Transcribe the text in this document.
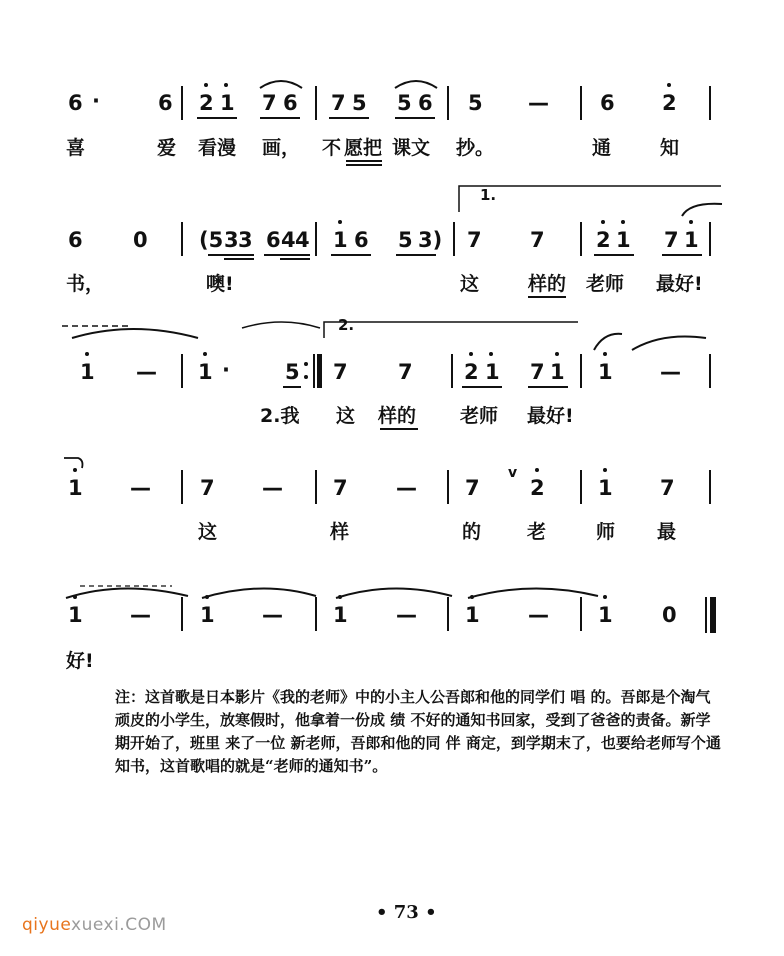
6 ·	6 2 1 7 6 7 5 5 6 5 — 6 2
喜	爱 看漫 画， 不 愿把 课文 抄。	通	知
1.
6 0 (5 3 3 6 4 4 1 6 5 3) 7 7 2 1 7 1
书，	噢!	这	样的 老师 最好!
2.
1 — 1 ·	5 7 7 2 1 7 1 1 —
2.我 这 样的 老师 最好!
1 — 7 — 7 — 7
v
2	1 7
这	样	的 老	师 最
1 — 1 — 1 — 1 — 1 0
好!
注：这首歌是日本影片《我的老师》中的小主人公吾郎和他的同学们 唱 的。吾郎是个淘气顽皮的小学生，放寒假时，他拿着一份成 绩 不好的通知书回家，受到了爸爸的责备。新学期开始了，班里 来了一位 新老师，吾郎和他的同 伴 商定，到学期末了，也要给老师写个通知书，这首歌唱的就是“老师的通知书”。
• 73 •
qiyuexuexi.COM
